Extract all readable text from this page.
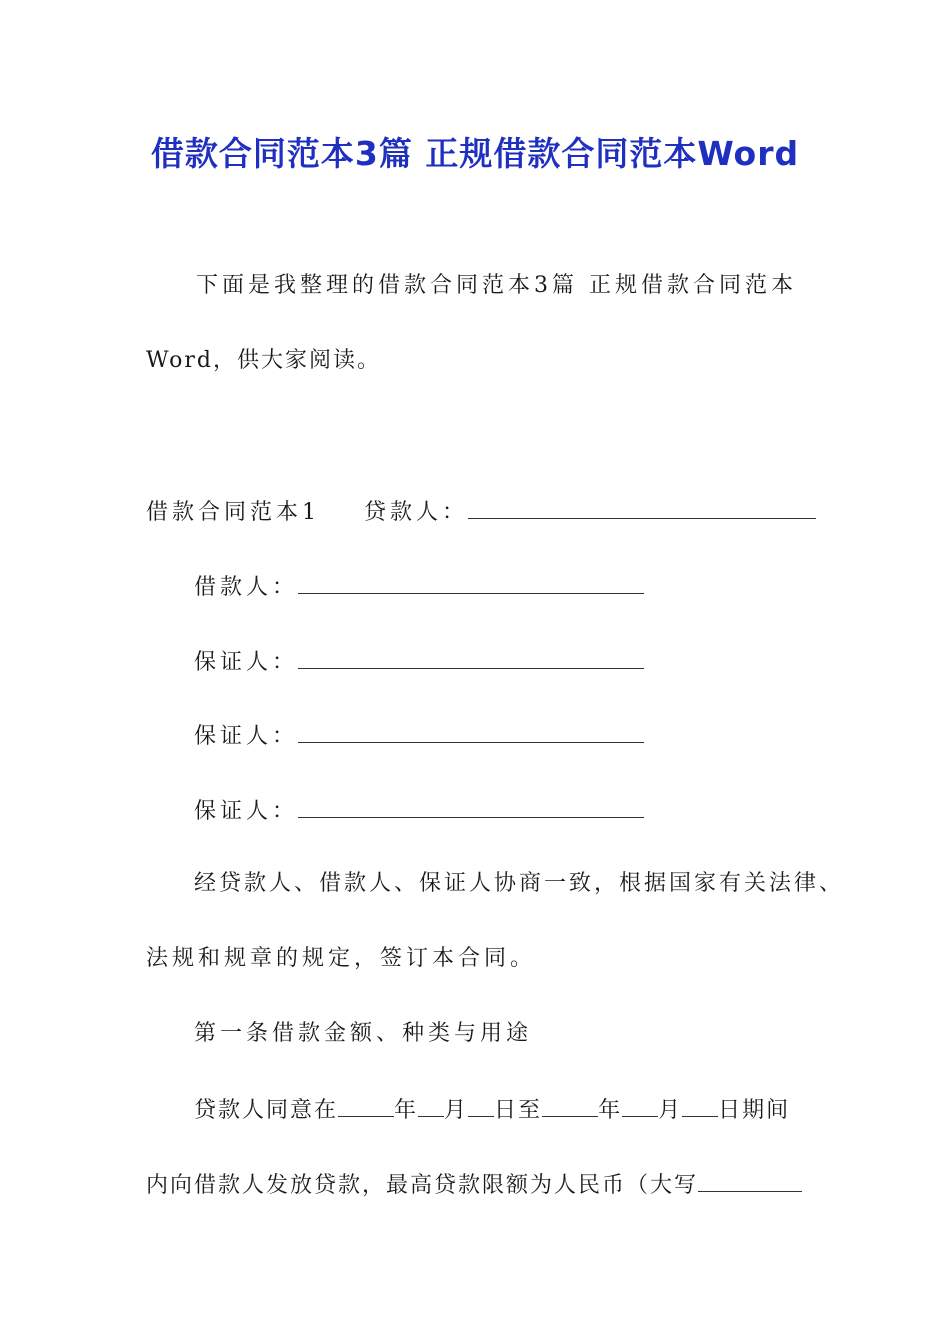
借款合同范本3篇 正规借款合同范本Word
下面是我整理的借款合同范本3篇 正规借款合同范本
Word，供大家阅读。
借款合同范本1 贷款人：
借款人：
保证人：
保证人：
保证人：
经贷款人、借款人、保证人协商一致，根据国家有关法律、
法规和规章的规定，签订本合同。
第一条借款金额、种类与用途
贷款人同意在	年 月 日至	年 月 日期间
内向借款人发放贷款，最高贷款限额为人民币（大写
